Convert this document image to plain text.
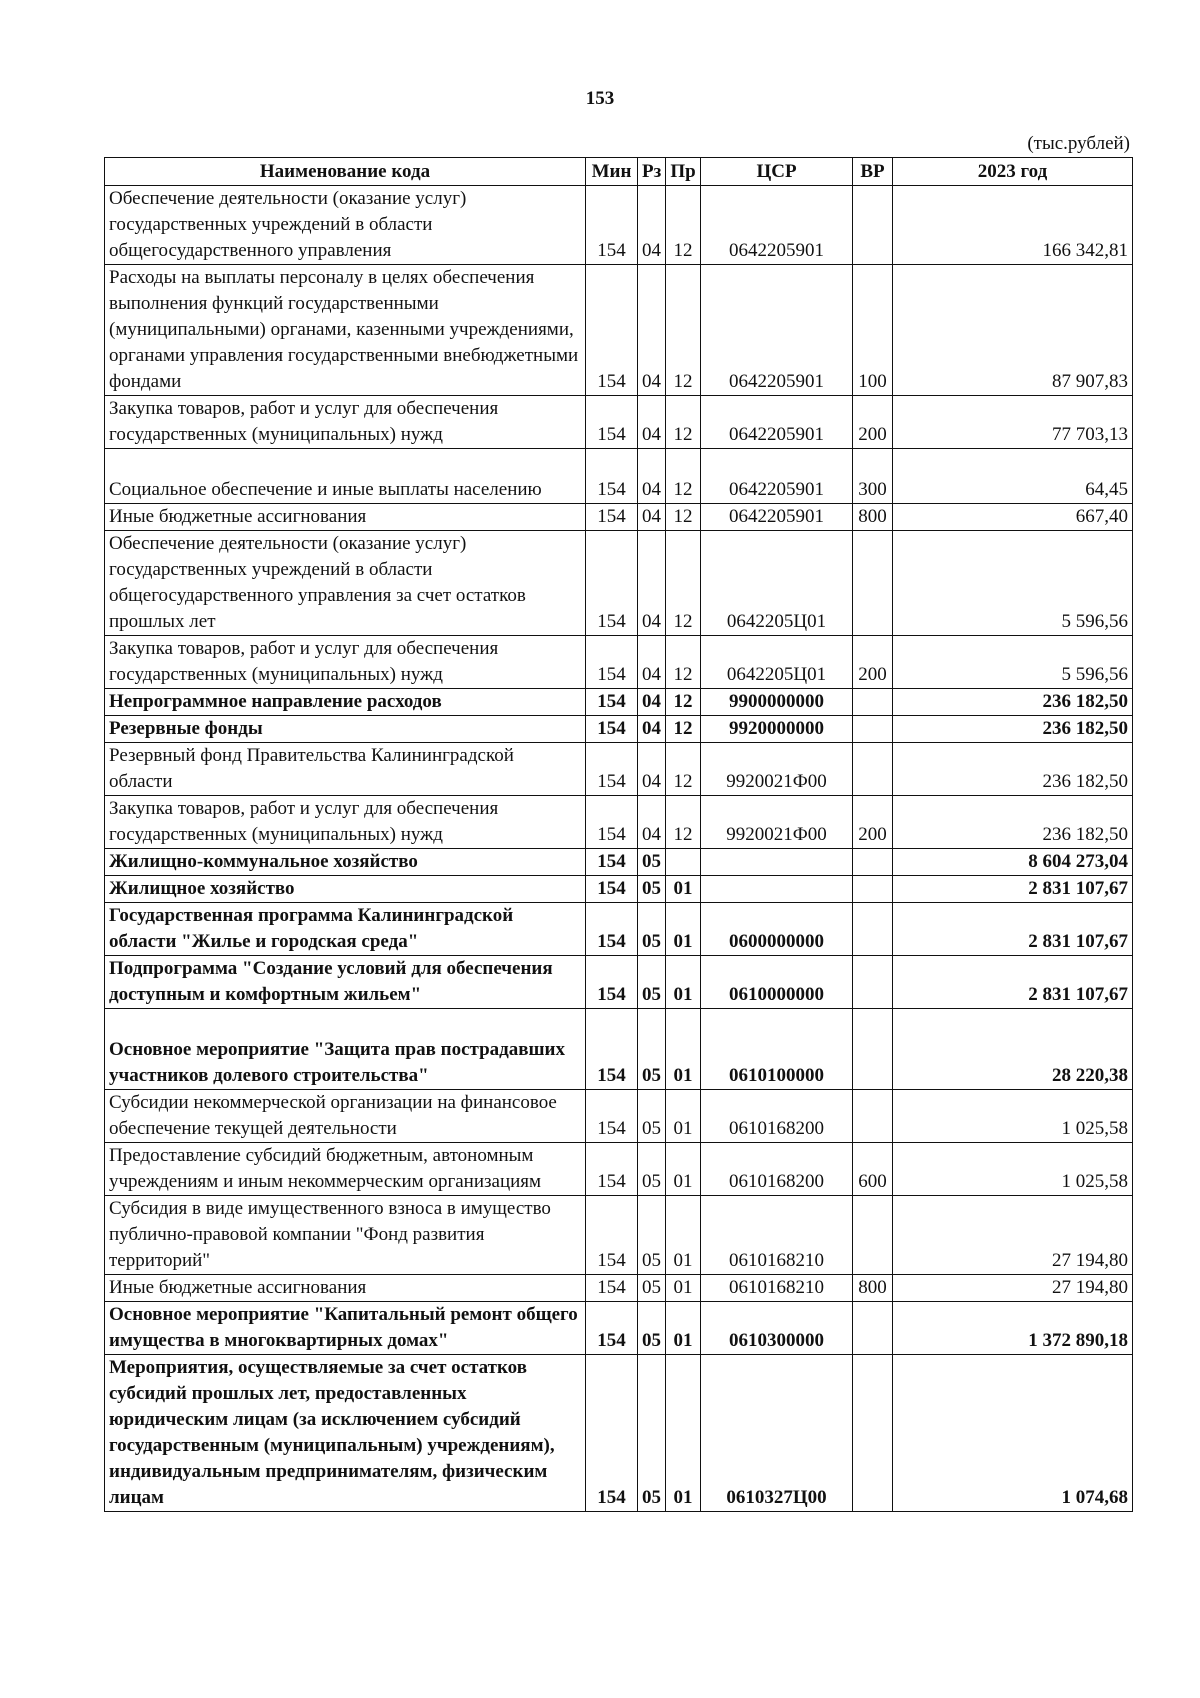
153
(тыс.рублей)
Наименование кода	Мин	Рз	Пр	ЦСР	ВР	2023 год
Обеспечение деятельности (оказание услуг) государственных учреждений в области общегосударственного управления	154	04	12	0642205901		166 342,81
Расходы на выплаты персоналу в целях обеспечения выполнения функций государственными (муниципальными) органами, казенными учреждениями, органами управления государственными внебюджетными фондами	154	04	12	0642205901	100	87 907,83
Закупка товаров, работ и услуг для обеспечения государственных (муниципальных) нужд	154	04	12	0642205901	200	77 703,13
Социальное обеспечение и иные выплаты населению	154	04	12	0642205901	300	64,45
Иные бюджетные ассигнования	154	04	12	0642205901	800	667,40
Обеспечение деятельности (оказание услуг) государственных учреждений в области общегосударственного управления за счет остатков прошлых лет	154	04	12	0642205Ц01		5 596,56
Закупка товаров, работ и услуг для обеспечения государственных (муниципальных) нужд	154	04	12	0642205Ц01	200	5 596,56
Непрограммное направление расходов	154	04	12	9900000000		236 182,50
Резервные фонды	154	04	12	9920000000		236 182,50
Резервный фонд Правительства Калининградской области	154	04	12	9920021Ф00		236 182,50
Закупка товаров, работ и услуг для обеспечения государственных (муниципальных) нужд	154	04	12	9920021Ф00	200	236 182,50
Жилищно-коммунальное хозяйство	154	05				8 604 273,04
Жилищное хозяйство	154	05	01			2 831 107,67
Государственная программа Калининградской области "Жилье и городская среда"	154	05	01	0600000000		2 831 107,67
Подпрограмма "Создание условий для обеспечения доступным и комфортным жильем"	154	05	01	0610000000		2 831 107,67
Основное мероприятие "Защита прав пострадавших участников долевого строительства"	154	05	01	0610100000		28 220,38
Субсидии некоммерческой организации на финансовое обеспечение текущей деятельности	154	05	01	0610168200		1 025,58
Предоставление субсидий бюджетным, автономным учреждениям и иным некоммерческим организациям	154	05	01	0610168200	600	1 025,58
Субсидия в виде имущественного взноса в имущество публично-правовой компании "Фонд развития территорий"	154	05	01	0610168210		27 194,80
Иные бюджетные ассигнования	154	05	01	0610168210	800	27 194,80
Основное мероприятие "Капитальный ремонт общего имущества в многоквартирных домах"	154	05	01	0610300000		1 372 890,18
Мероприятия, осуществляемые за счет остатков субсидий прошлых лет, предоставленных юридическим лицам (за исключением субсидий государственным (муниципальным) учреждениям), индивидуальным предпринимателям, физическим лицам	154	05	01	0610327Ц00		1 074,68
